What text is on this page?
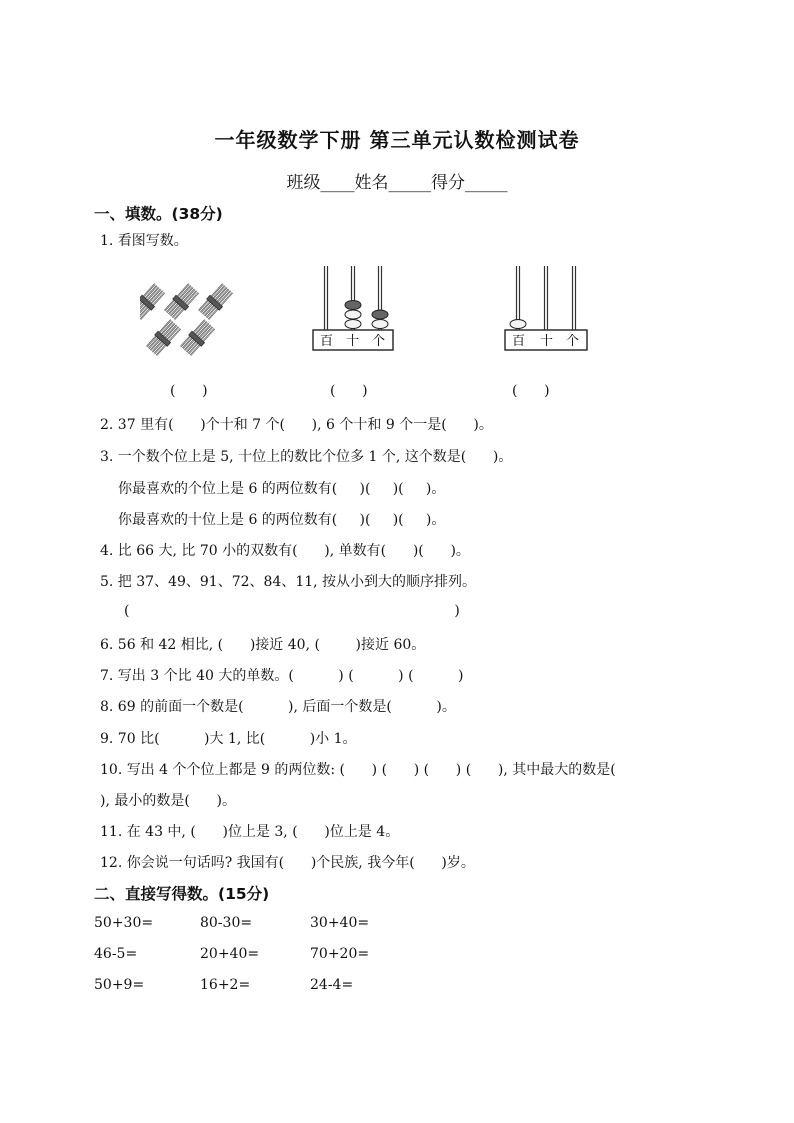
一年级数学下册 第三单元认数检测试卷
班级____姓名_____得分_____
一、填数。(38分)
1. 看图写数。
百 十 个	百 十 个
(      )	(      )	(      )
2. 37 里有(      )个十和 7 个(      ), 6 个十和 9 个一是(      )。
3. 一个数个位上是 5, 十位上的数比个位多 1 个, 这个数是(      )。
你最喜欢的个位上是 6 的两位数有(     )(     )(     )。
你最喜欢的十位上是 6 的两位数有(     )(     )(     )。
4. 比 66 大, 比 70 小的双数有(      ), 单数有(      )(      )。
5. 把 37、49、91、72、84、11, 按从小到大的顺序排列。
(                                                                         )
6. 56 和 42 相比, (      )接近 40, (        )接近 60。
7. 写出 3 个比 40 大的单数。(          ) (          ) (          )
8. 69 的前面一个数是(          ), 后面一个数是(          )。
9. 70 比(          )大 1, 比(          )小 1。
10. 写出 4 个个位上都是 9 的两位数: (      ) (      ) (      ) (      ), 其中最大的数是(
), 最小的数是(      )。
11. 在 43 中, (      )位上是 3, (      )位上是 4。
12. 你会说一句话吗? 我国有(      )个民族, 我今年(      )岁。
二、直接写得数。(15分)
50+30=	80-30=	30+40=
46-5=	20+40=	70+20=
50+9=	16+2=	24-4=
